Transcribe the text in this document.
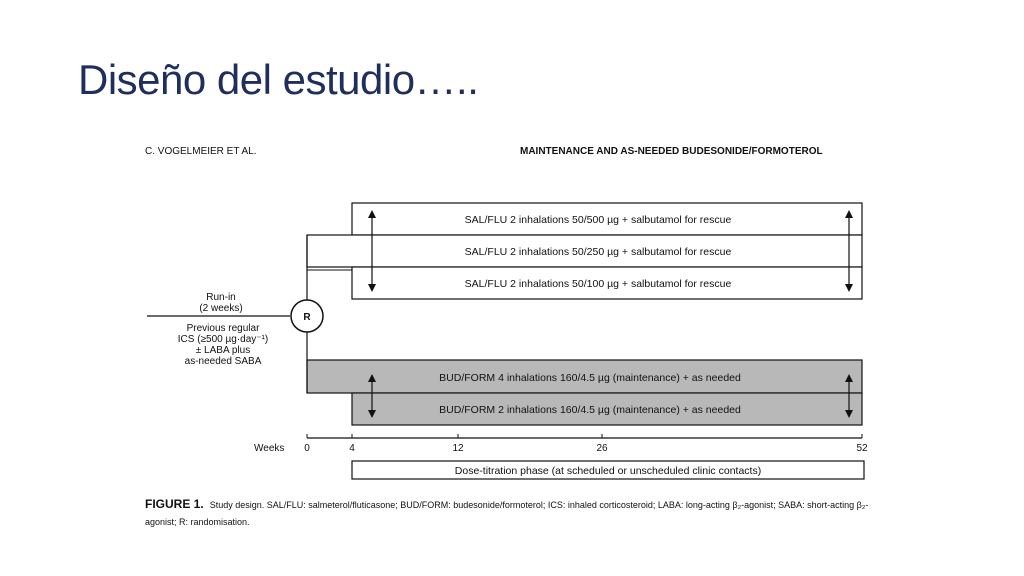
Diseño del estudio…..
C. VOGELMEIER ET AL.	MAINTENANCE AND AS-NEEDED BUDESONIDE/FORMOTEROL
R
SAL/FLU 2 inhalations 50/500 µg + salbutamol for rescue
SAL/FLU 2 inhalations 50/250 µg + salbutamol for rescue
SAL/FLU 2 inhalations 50/100 µg + salbutamol for rescue
BUD/FORM 4 inhalations 160/4.5 µg (maintenance) + as needed
BUD/FORM 2 inhalations 160/4.5 µg (maintenance) + as needed
Run-in
(2 weeks)
Previous regular
ICS (≥500 µg·day⁻¹)
± LABA plus
as-needed SABA
Weeks 0	4	12	26	52
Dose-titration phase (at scheduled or unscheduled clinic contacts)
FIGURE 1. Study design. SAL/FLU: salmeterol/fluticasone; BUD/FORM: budesonide/formoterol; ICS: inhaled corticosteroid; LABA: long-acting β₂-agonist; SABA: short-acting β₂-agonist; R: randomisation.
